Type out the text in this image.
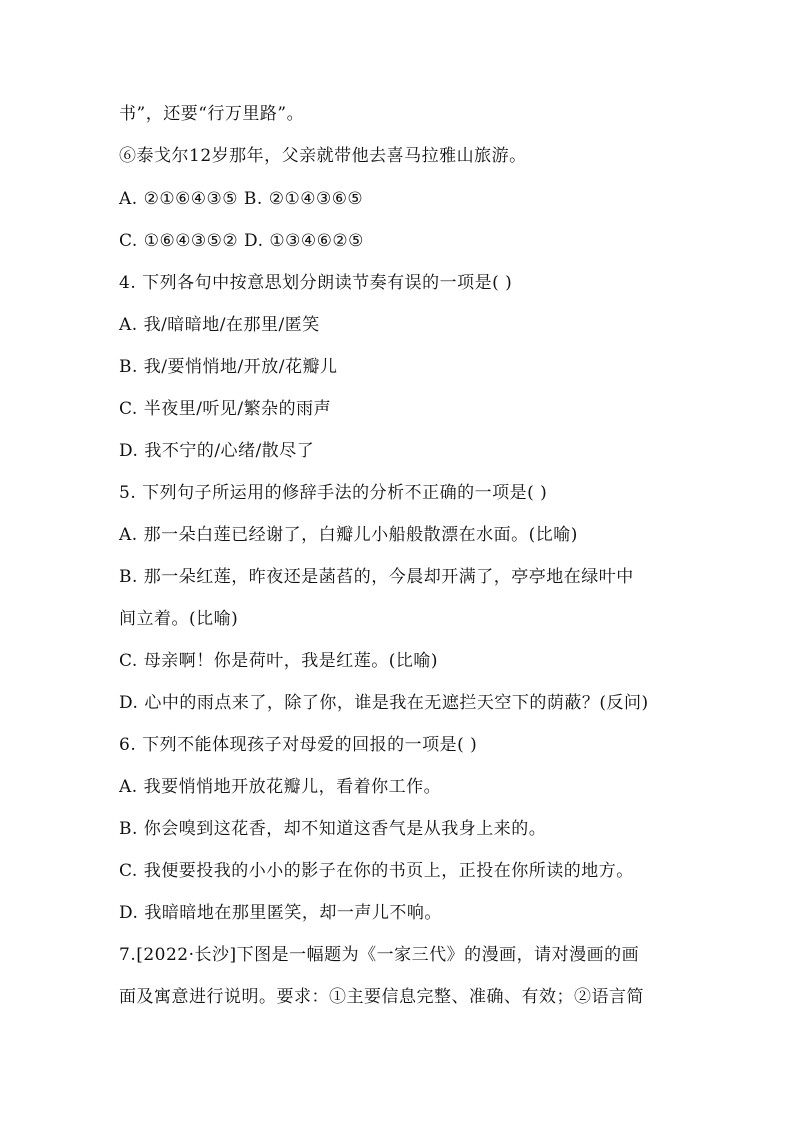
书”，还要“行万里路”。
⑥泰戈尔12岁那年，父亲就带他去喜马拉雅山旅游。
A. ②①⑥④③⑤ B. ②①④③⑥⑤
C. ①⑥④③⑤② D. ①③④⑥②⑤
4. 下列各句中按意思划分朗读节奏有误的一项是( )
A. 我/暗暗地/在那里/匿笑
B. 我/要悄悄地/开放/花瓣儿
C. 半夜里/听见/繁杂的雨声
D. 我不宁的/心绪/散尽了
5. 下列句子所运用的修辞手法的分析不正确的一项是( )
A. 那一朵白莲已经谢了，白瓣儿小船般散漂在水面。(比喻)
B. 那一朵红莲，昨夜还是菡萏的，今晨却开满了，亭亭地在绿叶中
间立着。(比喻)
C. 母亲啊！你是荷叶，我是红莲。(比喻)
D. 心中的雨点来了，除了你，谁是我在无遮拦天空下的荫蔽？(反问)
6. 下列不能体现孩子对母爱的回报的一项是( )
A. 我要悄悄地开放花瓣儿，看着你工作。
B. 你会嗅到这花香，却不知道这香气是从我身上来的。
C. 我便要投我的小小的影子在你的书页上，正投在你所读的地方。
D. 我暗暗地在那里匿笑，却一声儿不响。
7.[2022·长沙]下图是一幅题为《一家三代》的漫画，请对漫画的画
面及寓意进行说明。要求：①主要信息完整、准确、有效；②语言简
